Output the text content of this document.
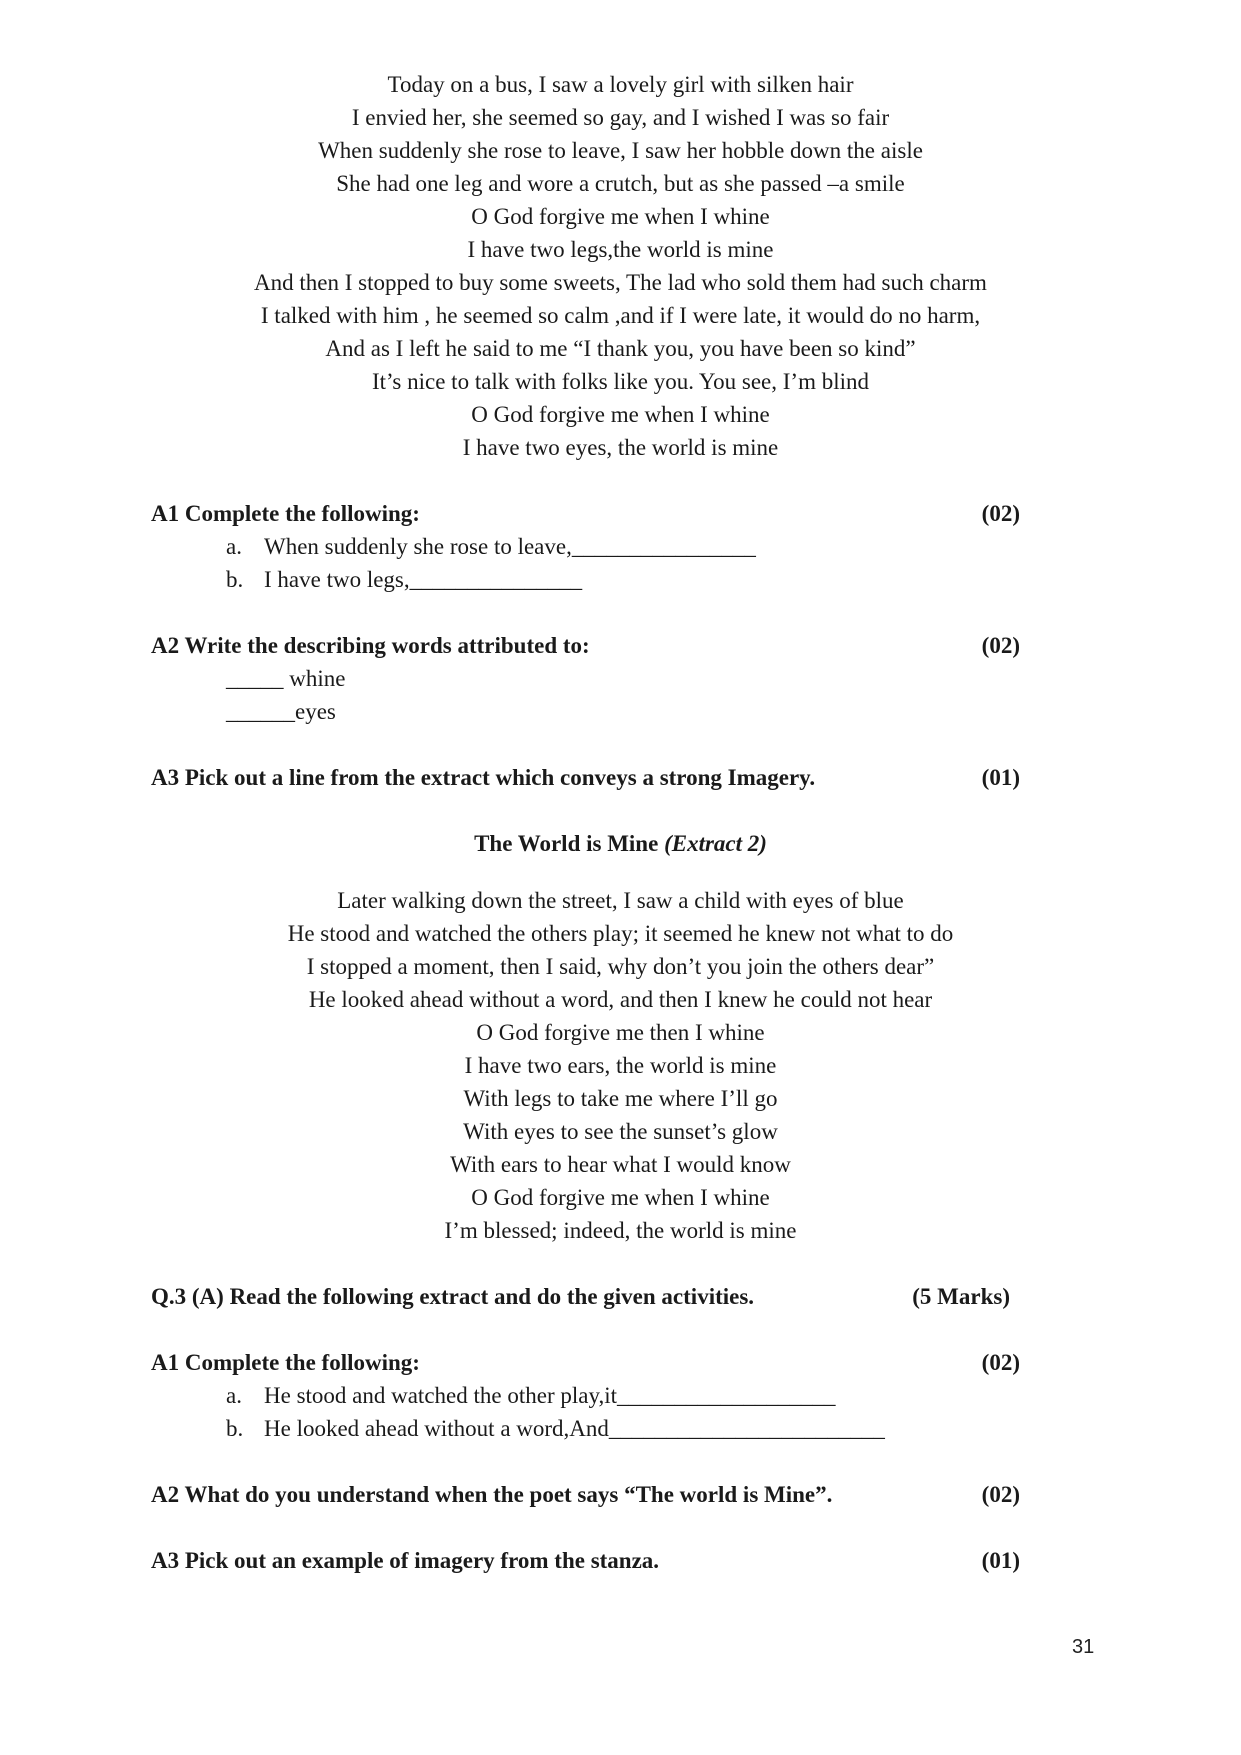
Today on a bus, I saw a lovely girl with silken hair
I envied her, she seemed so gay, and I wished I was so fair
When suddenly she rose to leave, I saw her hobble down the aisle
She had one leg and wore a crutch, but as she passed –a smile
O God forgive me when I whine
I have two legs,the world is mine
And then I stopped to buy some sweets, The lad who sold them had such charm
I talked with him , he seemed so calm ,and if I were late, it would do no harm,
And as I left he said to me “I thank you, you have been so kind”
It’s nice to talk with folks like you. You see, I’m blind
O God forgive me when I whine
I have two eyes, the world is mine
A1 Complete the following:	(02)
a. When suddenly she rose to leave,________________
b. I have two legs,_______________
A2 Write the describing words attributed to:	(02)
_____ whine
______eyes
A3 Pick out a line from the extract which conveys a strong Imagery.	(01)
The World is Mine (Extract 2)
Later walking down the street, I saw a child with eyes of blue
He stood and watched the others play; it seemed he knew not what to do
I stopped a moment, then I said, why don’t you join the others dear”
He looked ahead without a word, and then I knew he could not hear
O God forgive me then I whine
I have two ears, the world is mine
With legs to take me where I’ll go
With eyes to see the sunset’s glow
With ears to hear what I would know
O God forgive me when I whine
I’m blessed; indeed, the world is mine
Q.3 (A) Read the following extract and do the given activities.	(5 Marks)
A1 Complete the following:	(02)
a. He stood and watched the other play,it___________________
b. He looked ahead without a word,And________________________
A2 What do you understand when the poet says “The world is Mine”.	(02)
A3 Pick out an example of imagery from the stanza.	(01)
31
